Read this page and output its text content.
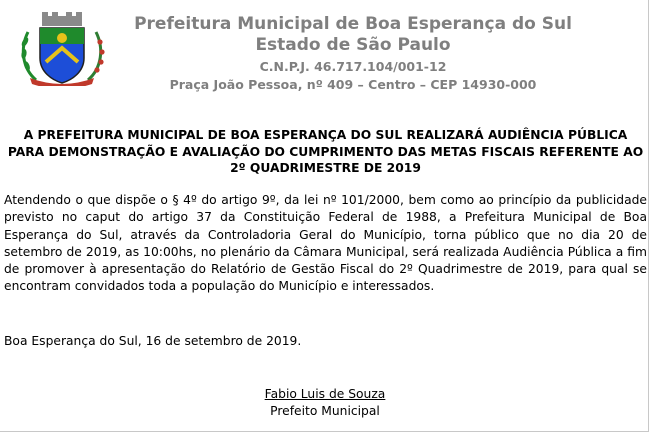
Prefeitura Municipal de Boa Esperança do Sul
Estado de São Paulo
C.N.P.J. 46.717.104/001-12
Praça João Pessoa, nº 409 – Centro – CEP 14930-000
A PREFEITURA MUNICIPAL DE BOA ESPERANÇA DO SUL REALIZARÁ AUDIÊNCIA PÚBLICA PARA DEMONSTRAÇÃO E AVALIAÇÃO DO CUMPRIMENTO DAS METAS FISCAIS REFERENTE AO 2º QUADRIMESTRE DE 2019
Atendendo o que dispõe o § 4º do artigo 9º, da lei nº 101/2000, bem como ao princípio da publicidade previsto no caput do artigo 37 da Constituição Federal de 1988, a Prefeitura Municipal de Boa Esperança do Sul, através da Controladoria Geral do Município, torna público que no dia 20 de setembro de 2019, as 10:00hs, no plenário da Câmara Municipal, será realizada Audiência Pública a fim de promover à apresentação do Relatório de Gestão Fiscal do 2º Quadrimestre de 2019, para qual se encontram convidados toda a população do Município e interessados.
Boa Esperança do Sul, 16 de setembro de 2019.
Fabio Luis de Souza
Prefeito Municipal
